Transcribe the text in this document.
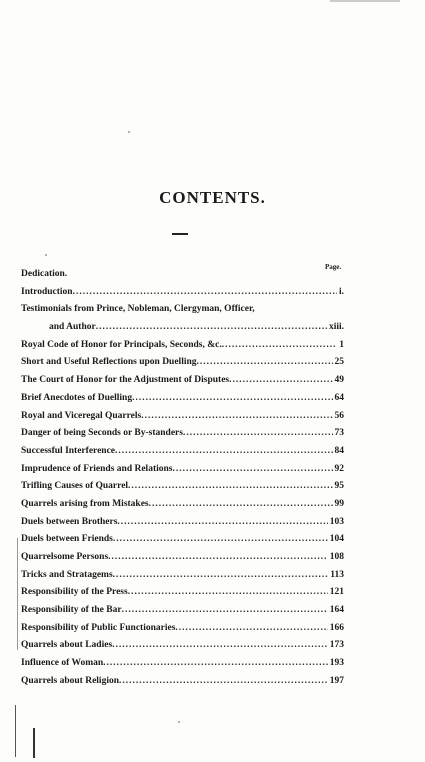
CONTENTS.
Page.
Dedication.
Introduction .....	i.
Testimonials from Prince, Nobleman, Clergyman, Officer,
and Author .....	xiii.
Royal Code of Honor for Principals, Seconds, &c. .....	1
Short and Useful Reflections upon Duelling .....	25
The Court of Honor for the Adjustment of Disputes .....	49
Brief Anecdotes of Duelling .....	64
Royal and Viceregal Quarrels .....	56
Danger of being Seconds or By-standers .....	73
Successful Interference .....	84
Imprudence of Friends and Relations .....	92
Trifling Causes of Quarrel .....	95
Quarrels arising from Mistakes .....	99
Duels between Brothers .....	103
Duels between Friends .....	104
Quarrelsome Persons .....	108
Tricks and Stratagems .....	113
Responsibility of the Press .....	121
Responsibility of the Bar .....	164
Responsibility of Public Functionaries .....	166
Quarrels about Ladies .....	173
Influence of Woman .....	193
Quarrels about Religion .....	197
